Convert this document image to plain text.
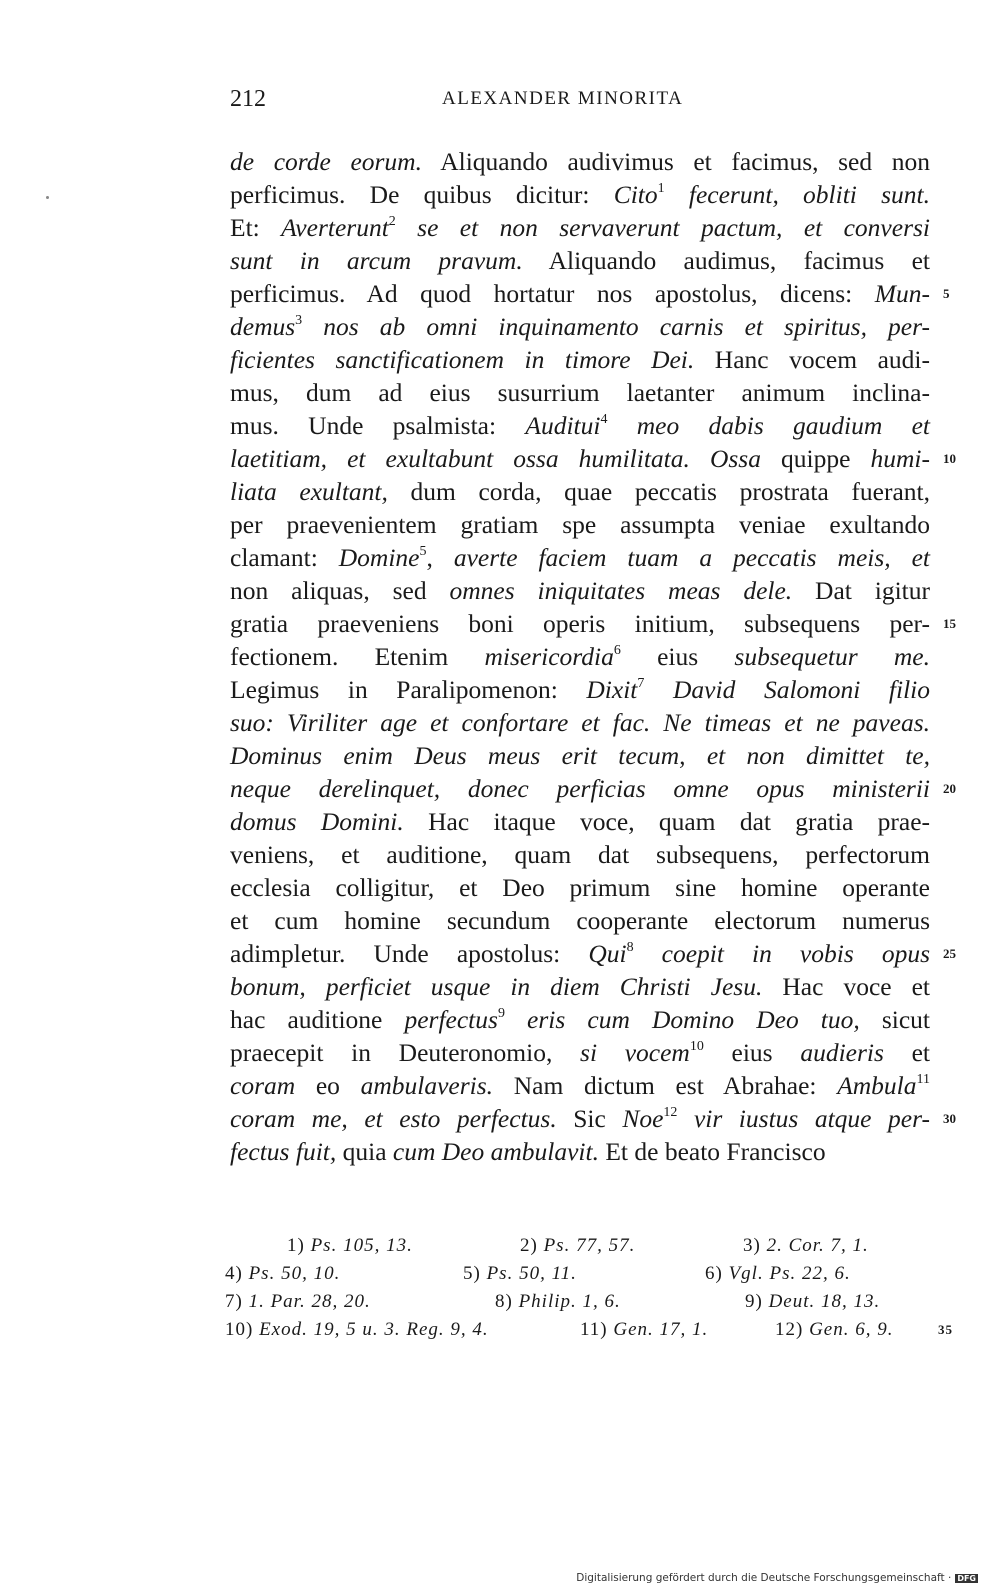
212	ALEXANDER MINORITA
de corde eorum. Aliquando audivimus et facimus, sed non
perficimus. De quibus dicitur: Cito$^1$ fecerunt, obliti sunt.
Et: Averterunt$^2$ se et non servaverunt pactum, et conversi
sunt in arcum pravum. Aliquando audimus, facimus et
perficimus. Ad quod hortatur nos apostolus, dicens: Mun- 5
demus$^3$ nos ab omni inquinamento carnis et spiritus, per-
ficientes sanctificationem in timore Dei. Hanc vocem audi-
mus, dum ad eius susurrium laetanter animum inclina-
mus. Unde psalmista: Auditui$^4$ meo dabis gaudium et
laetitiam, et exultabunt ossa humilitata. Ossa quippe humi- 10
liata exultant, dum corda, quae peccatis prostrata fuerant,
per praevenientem gratiam spe assumpta veniae exultando
clamant: Domine$^5$, averte faciem tuam a peccatis meis, et
non aliquas, sed omnes iniquitates meas dele. Dat igitur
gratia praeveniens boni operis initium, subsequens per- 15
fectionem. Etenim misericordia$^6$ eius subsequetur me.
Legimus in Paralipomenon: Dixit$^7$ David Salomoni filio
suo: Viriliter age et confortare et fac. Ne timeas et ne paveas.
Dominus enim Deus meus erit tecum, et non dimittet te,
neque derelinquet, donec perficias omne opus ministerii 20
domus Domini. Hac itaque voce, quam dat gratia prae-
veniens, et auditione, quam dat subsequens, perfectorum
ecclesia colligitur, et Deo primum sine homine operante
et cum homine secundum cooperante electorum numerus
adimpletur. Unde apostolus: Qui$^8$ coepit in vobis opus 25
bonum, perficiet usque in diem Christi Jesu. Hac voce et
hac auditione perfectus$^9$ eris cum Domino Deo tuo, sicut
praecepit in Deuteronomio, si vocem$^{10}$ eius audieris et
coram eo ambulaveris. Nam dictum est Abrahae: Ambula$^{11}$
coram me, et esto perfectus. Sic Noe$^{12}$ vir iustus atque per- 30
fectus fuit, quia cum Deo ambulavit. Et de beato Francisco
1) Ps. 105, 13.	2) Ps. 77, 57.	3) 2. Cor. 7, 1.
4) Ps. 50, 10.	5) Ps. 50, 11.	6) Vgl. Ps. 22, 6.
7) 1. Par. 28, 20.	8) Philip. 1, 6.	9) Deut. 18, 13.
10) Exod. 19, 5 u. 3. Reg. 9, 4.	11) Gen. 17, 1.	12) Gen. 6, 9.	35
Digitalisierung gefördert durch die Deutsche Forschungsgemeinschaft · DFG
